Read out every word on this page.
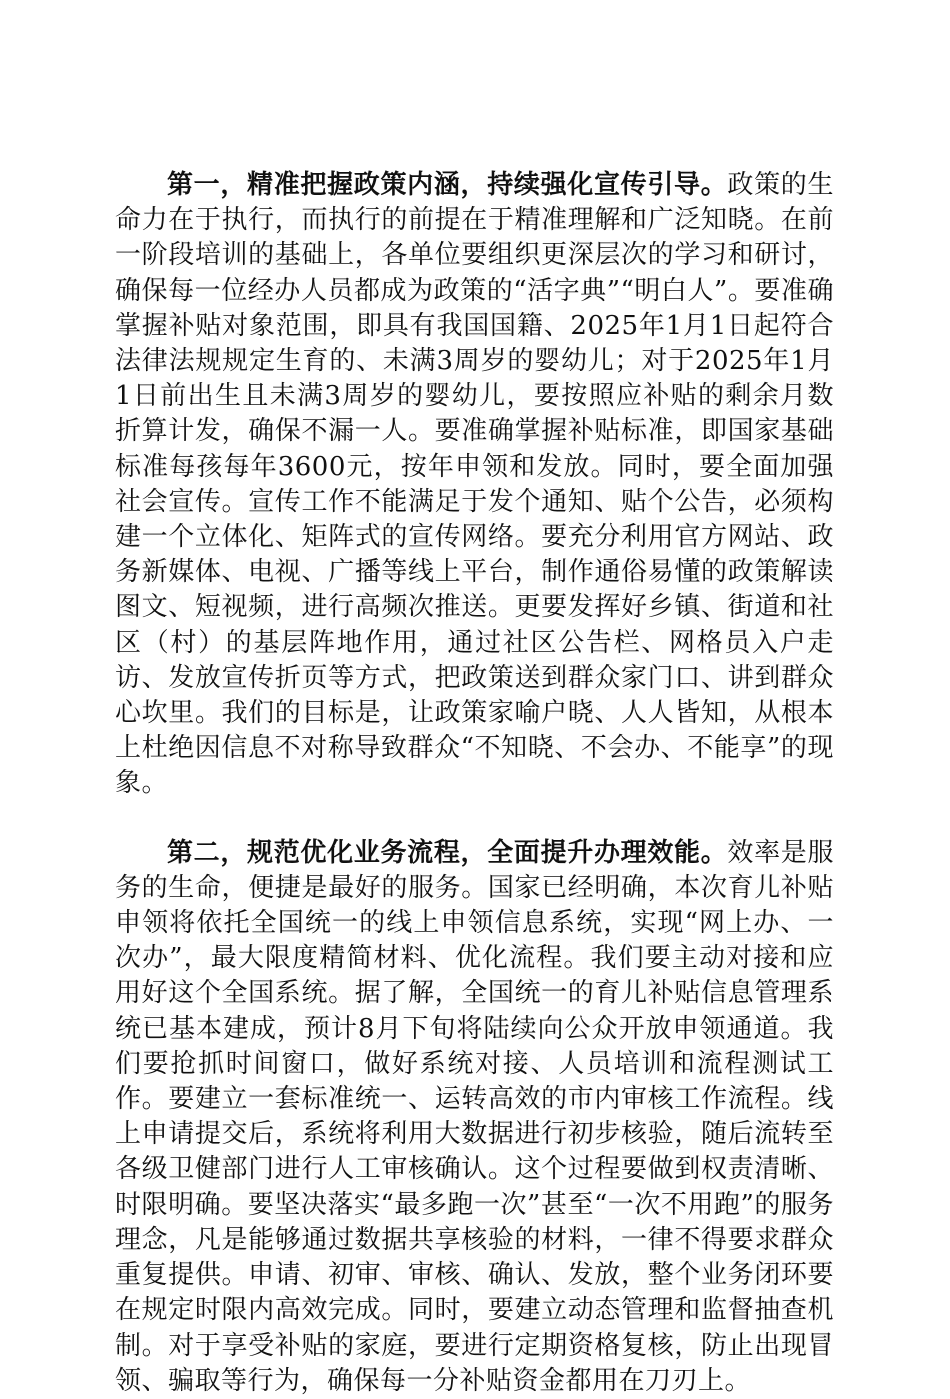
第一，精准把握政策内涵，持续强化宣传引导。政策的生命力在于执行，而执行的前提在于精准理解和广泛知晓。在前一阶段培训的基础上，各单位要组织更深层次的学习和研讨，确保每一位经办人员都成为政策的“活字典”“明白人”。要准确掌握补贴对象范围，即具有我国国籍、2025年1月1日起符合法律法规规定生育的、未满3周岁的婴幼儿；对于2025年1月1日前出生且未满3周岁的婴幼儿，要按照应补贴的剩余月数折算计发，确保不漏一人。要准确掌握补贴标准，即国家基础标准每孩每年3600元，按年申领和发放。同时，要全面加强社会宣传。宣传工作不能满足于发个通知、贴个公告，必须构建一个立体化、矩阵式的宣传网络。要充分利用官方网站、政务新媒体、电视、广播等线上平台，制作通俗易懂的政策解读图文、短视频，进行高频次推送。更要发挥好乡镇、街道和社区（村）的基层阵地作用，通过社区公告栏、网格员入户走访、发放宣传折页等方式，把政策送到群众家门口、讲到群众心坎里。我们的目标是，让政策家喻户晓、人人皆知，从根本上杜绝因信息不对称导致群众“不知晓、不会办、不能享”的现象。

第二，规范优化业务流程，全面提升办理效能。效率是服务的生命，便捷是最好的服务。国家已经明确，本次育儿补贴申领将依托全国统一的线上申领信息系统，实现“网上办、一次办”，最大限度精简材料、优化流程。我们要主动对接和应用好这个全国系统。据了解，全国统一的育儿补贴信息管理系统已基本建成，预计8月下旬将陆续向公众开放申领通道。我们要抢抓时间窗口，做好系统对接、人员培训和流程测试工作。要建立一套标准统一、运转高效的市内审核工作流程。线上申请提交后，系统将利用大数据进行初步核验，随后流转至各级卫健部门进行人工审核确认。这个过程要做到权责清晰、时限明确。要坚决落实“最多跑一次”甚至“一次不用跑”的服务理念，凡是能够通过数据共享核验的材料，一律不得要求群众重复提供。申请、初审、审核、确认、发放，整个业务闭环要在规定时限内高效完成。同时，要建立动态管理和监督抽查机制。对于享受补贴的家庭，要进行定期资格复核，防止出现冒领、骗取等行为，确保每一分补贴资金都用在刀刃上。
